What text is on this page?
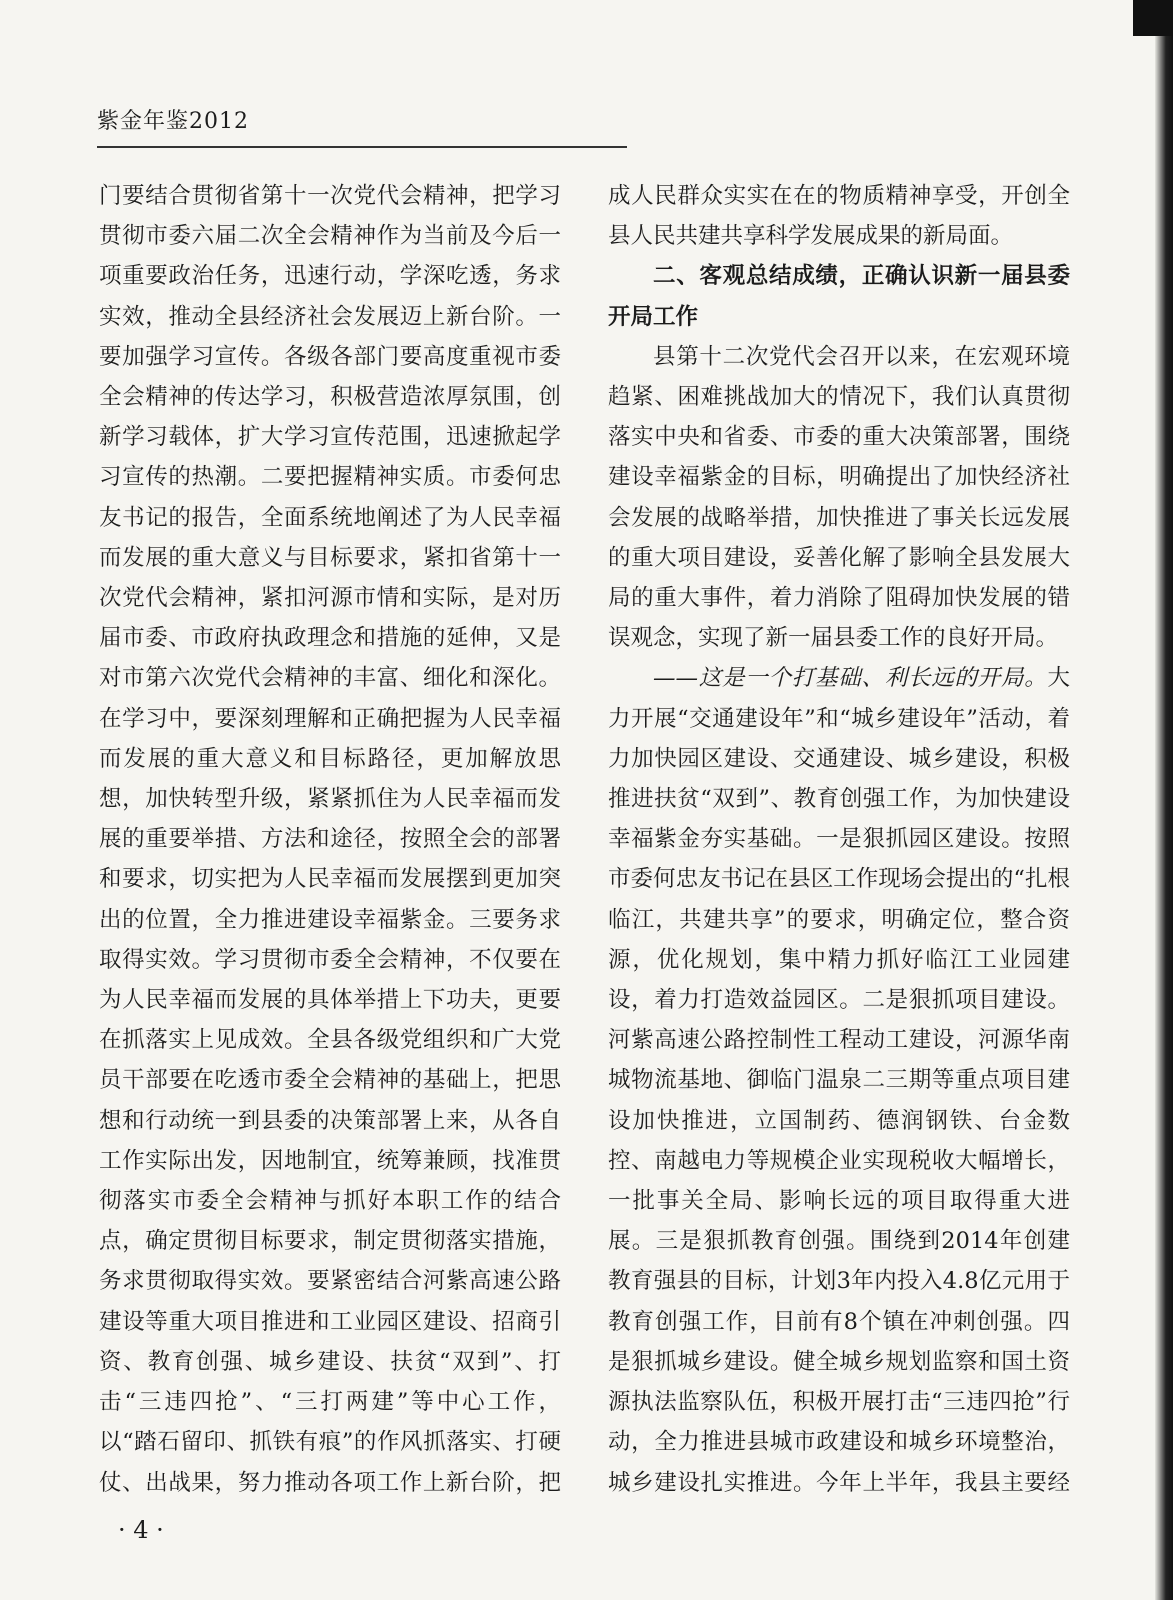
紫金年鉴2012

门要结合贯彻省第十一次党代会精神，把学习贯彻市委六届二次全会精神作为当前及今后一项重要政治任务，迅速行动，学深吃透，务求实效，推动全县经济社会发展迈上新台阶。一要加强学习宣传。各级各部门要高度重视市委全会精神的传达学习，积极营造浓厚氛围，创新学习载体，扩大学习宣传范围，迅速掀起学习宣传的热潮。二要把握精神实质。市委何忠友书记的报告，全面系统地阐述了为人民幸福而发展的重大意义与目标要求，紧扣省第十一次党代会精神，紧扣河源市情和实际，是对历届市委、市政府执政理念和措施的延伸，又是对市第六次党代会精神的丰富、细化和深化。在学习中，要深刻理解和正确把握为人民幸福而发展的重大意义和目标路径，更加解放思想，加快转型升级，紧紧抓住为人民幸福而发展的重要举措、方法和途径，按照全会的部署和要求，切实把为人民幸福而发展摆到更加突出的位置，全力推进建设幸福紫金。三要务求取得实效。学习贯彻市委全会精神，不仅要在为人民幸福而发展的具体举措上下功夫，更要在抓落实上见成效。全县各级党组织和广大党员干部要在吃透市委全会精神的基础上，把思想和行动统一到县委的决策部署上来，从各自工作实际出发，因地制宜，统筹兼顾，找准贯彻落实市委全会精神与抓好本职工作的结合点，确定贯彻目标要求，制定贯彻落实措施，务求贯彻取得实效。要紧密结合河紫高速公路建设等重大项目推进和工业园区建设、招商引资、教育创强、城乡建设、扶贫“双到”、打击“三违四抢”、“三打两建”等中心工作，以“踏石留印、抓铁有痕”的作风抓落实、打硬仗、出战果，努力推动各项工作上新台阶，把

成人民群众实实在在的物质精神享受，开创全县人民共建共享科学发展成果的新局面。

二、客观总结成绩，正确认识新一届县委开局工作

县第十二次党代会召开以来，在宏观环境趋紧、困难挑战加大的情况下，我们认真贯彻落实中央和省委、市委的重大决策部署，围绕建设幸福紫金的目标，明确提出了加快经济社会发展的战略举措，加快推进了事关长远发展的重大项目建设，妥善化解了影响全县发展大局的重大事件，着力消除了阻碍加快发展的错误观念，实现了新一届县委工作的良好开局。

——这是一个打基础、利长远的开局。大力开展“交通建设年”和“城乡建设年”活动，着力加快园区建设、交通建设、城乡建设，积极推进扶贫“双到”、教育创强工作，为加快建设幸福紫金夯实基础。一是狠抓园区建设。按照市委何忠友书记在县区工作现场会提出的“扎根临江，共建共享”的要求，明确定位，整合资源，优化规划，集中精力抓好临江工业园建设，着力打造效益园区。二是狠抓项目建设。河紫高速公路控制性工程动工建设，河源华南城物流基地、御临门温泉二三期等重点项目建设加快推进，立国制药、德润钢铁、台金数控、南越电力等规模企业实现税收大幅增长，一批事关全局、影响长远的项目取得重大进展。三是狠抓教育创强。围绕到2014年创建教育强县的目标，计划3年内投入4.8亿元用于教育创强工作，目前有8个镇在冲刺创强。四是狠抓城乡建设。健全城乡规划监察和国土资源执法监察队伍，积极开展打击“三违四抢”行动，全力推进县城市政建设和城乡环境整治，城乡建设扎实推进。今年上半年，我县主要经

· 4 ·
